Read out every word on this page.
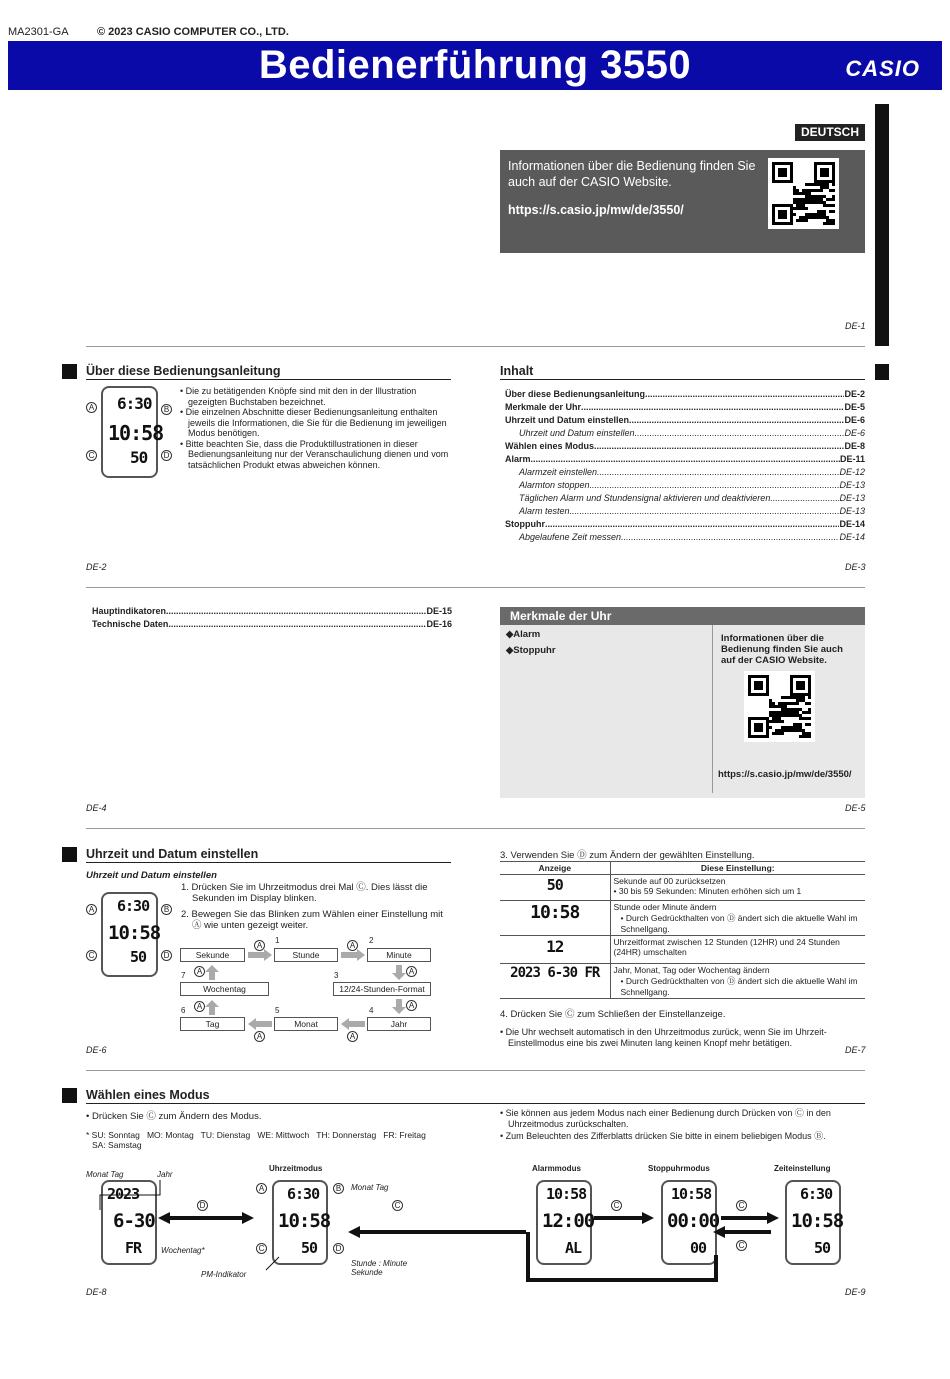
MA2301-GA	© 2023 CASIO COMPUTER CO., LTD.
Bedienerführung 3550	CASIO
DEUTSCH

Informationen über die Bedienung finden Sie auch auf der CASIO Website.

https://s.casio.jp/mw/de/3550/

DE-1
Über diese Bedienungsanleitung
A	B
C	D
6:30
10:58
50
• Die zu betätigenden Knöpfe sind mit den in der Illustration gezeigten Buchstaben bezeichnet.
• Die einzelnen Abschnitte dieser Bedienungsanleitung enthalten jeweils die Informationen, die Sie für die Bedienung im jeweiligen Modus benötigen.
• Bitte beachten Sie, dass die Produktillustrationen in dieser Bedienungsanleitung nur der Veranschaulichung dienen und vom tatsächlichen Produkt etwas abweichen können.
DE-2
Inhalt
Über diese Bedienungsanleitung .....	DE-2
Merkmale der Uhr .....	DE-5
Uhrzeit und Datum einstellen .....	DE-6
Uhrzeit und Datum einstellen .....	DE-6
Wählen eines Modus .....	DE-8
Alarm .....	DE-11
Alarmzeit einstellen .....	DE-12
Alarmton stoppen .....	DE-13
Täglichen Alarm und Stundensignal aktivieren und deaktivieren .....	DE-13
Alarm testen .....	DE-13
Stoppuhr .....	DE-14
Abgelaufene Zeit messen .....	DE-14
DE-3
Hauptindikatoren .....	DE-15
Technische Daten .....	DE-16
DE-4
Merkmale der Uhr
◆Alarm
◆Stoppuhr
Informationen über die Bedienung finden Sie auch auf der CASIO Website.
https://s.casio.jp/mw/de/3550/
DE-5
Uhrzeit und Datum einstellen
Uhrzeit und Datum einstellen
A	B
C	D
6:30
10:58
50
1. Drücken Sie im Uhrzeitmodus drei Mal Ⓒ. Dies lässt die Sekunden im Display blinken.
2. Bewegen Sie das Blinken zum Wählen einer Einstellung mit Ⓐ wie unten gezeigt weiter.
Sekunde	Stunde	Minute
Wochentag	12/24-Stunden-Format
Tag	Monat	Jahr
A	A
A
A
A
A
A
A
1	2
3
4
5
6
7
DE-6
3. Verwenden Sie Ⓓ zum Ändern der gewählten Einstellung.
Anzeige	Diese Einstellung:
50	Sekunde auf 00 zurücksetzen
• 30 bis 59 Sekunden: Minuten erhöhen sich um 1

10:58	Stunde oder Minute ändern
• Durch Gedrückthalten von Ⓓ ändert sich die aktuelle Wahl im Schnellgang.

12	Uhrzeitformat zwischen 12 Stunden (12HR) und 24 Stunden (24HR) umschalten

2023 6-30 FR	Jahr, Monat, Tag oder Wochentag ändern
• Durch Gedrückthalten von Ⓓ ändert sich die aktuelle Wahl im Schnellgang.
4. Drücken Sie Ⓒ zum Schließen der Einstellanzeige.
• Die Uhr wechselt automatisch in den Uhrzeitmodus zurück, wenn Sie im Uhrzeit-Einstellmodus eine bis zwei Minuten lang keinen Knopf mehr betätigen.
DE-7
Wählen eines Modus
• Drücken Sie Ⓒ zum Ändern des Modus.
* SU: Sonntag   MO: Montag   TU: Dienstag   WE: Mittwoch   TH: Donnerstag   FR: Freitag
SA: Samstag
• Sie können aus jedem Modus nach einer Bedienung durch Drücken von Ⓒ in den Uhrzeitmodus zurückschalten.
• Zum Beleuchten des Zifferblatts drücken Sie bitte in einem beliebigen Modus Ⓑ.
Monat Tag	Jahr
Uhrzeitmodus
Monat Tag
Wochentag*
PM-Indikator
Stunde : Minute
Sekunde
Alarmmodus	Stoppuhrmodus	Zeiteinstellung
2023
6-30
FR
6:30
10:58
50
10:58
12:00
AL
10:58
00:00
00
6:30
10:58
50
D	C	C	C
C
A	B
C	D
DE-8	DE-9
